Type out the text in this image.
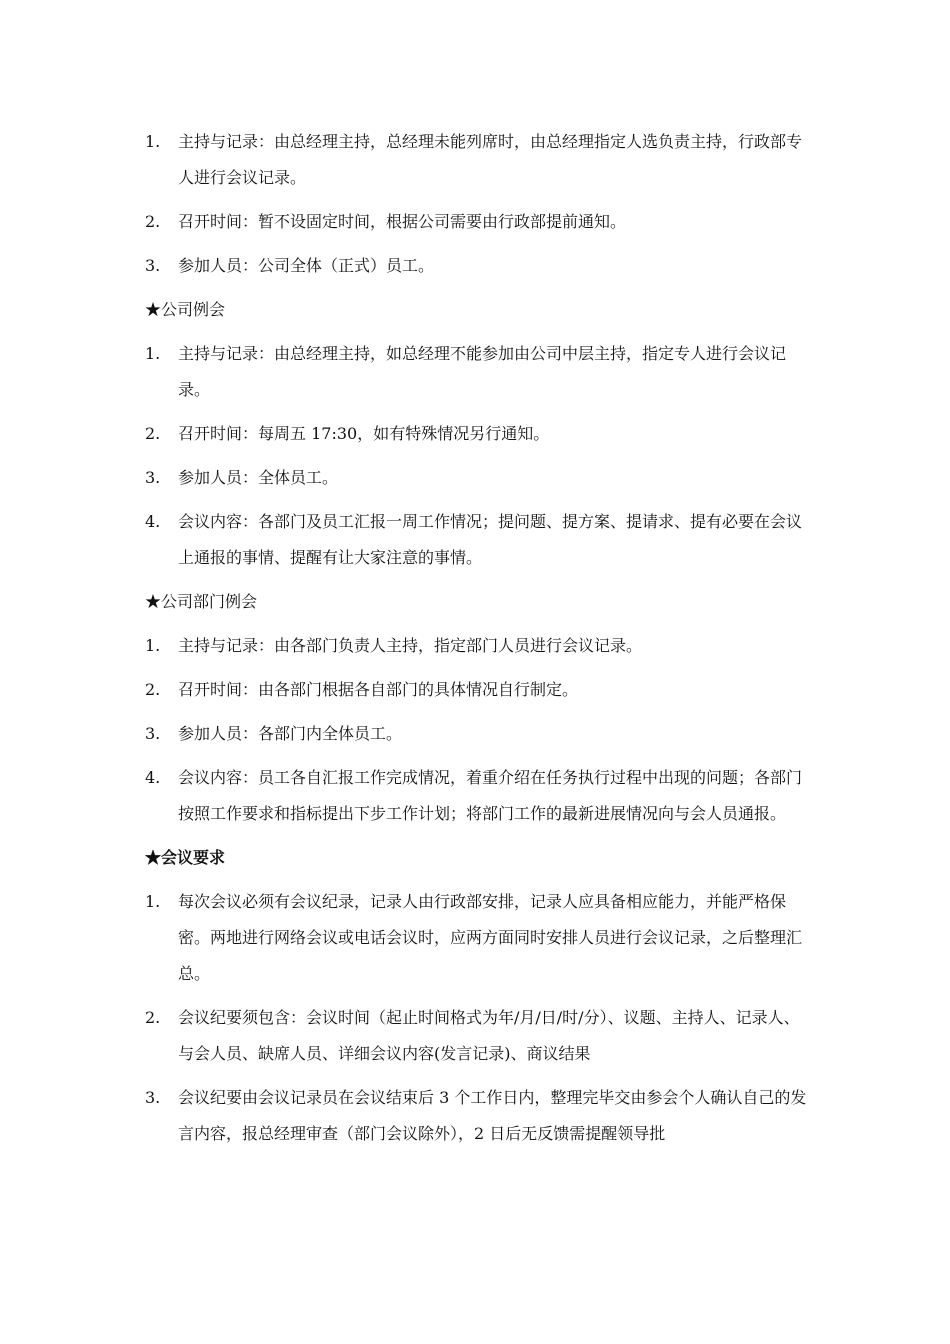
1.	主持与记录：由总经理主持，总经理未能列席时，由总经理指定人选负责主持，行政部专人进行会议记录。
2.	召开时间：暂不设固定时间，根据公司需要由行政部提前通知。
3.	参加人员：公司全体（正式）员工。
★公司例会
1.	主持与记录：由总经理主持，如总经理不能参加由公司中层主持，指定专人进行会议记录。
2.	召开时间：每周五 17:30，如有特殊情况另行通知。
3.	参加人员：全体员工。
4.	会议内容：各部门及员工汇报一周工作情况；提问题、提方案、提请求、提有必要在会议上通报的事情、提醒有让大家注意的事情。
★公司部门例会
1.	主持与记录：由各部门负责人主持，指定部门人员进行会议记录。
2.	召开时间：由各部门根据各自部门的具体情况自行制定。
3.	参加人员：各部门内全体员工。
4.	会议内容：员工各自汇报工作完成情况，着重介绍在任务执行过程中出现的问题；各部门按照工作要求和指标提出下步工作计划；将部门工作的最新进展情况向与会人员通报。
★会议要求
1.	每次会议必须有会议纪录，记录人由行政部安排，记录人应具备相应能力，并能严格保密。两地进行网络会议或电话会议时，应两方面同时安排人员进行会议记录，之后整理汇总。
2.	会议纪要须包含：会议时间（起止时间格式为年/月/日/时/分）、议题、主持人、记录人、与会人员、缺席人员、详细会议内容(发言记录)、商议结果
3.	会议纪要由会议记录员在会议结束后 3 个工作日内，整理完毕交由参会个人确认自己的发言内容，报总经理审查（部门会议除外），2 日后无反馈需提醒领导批
